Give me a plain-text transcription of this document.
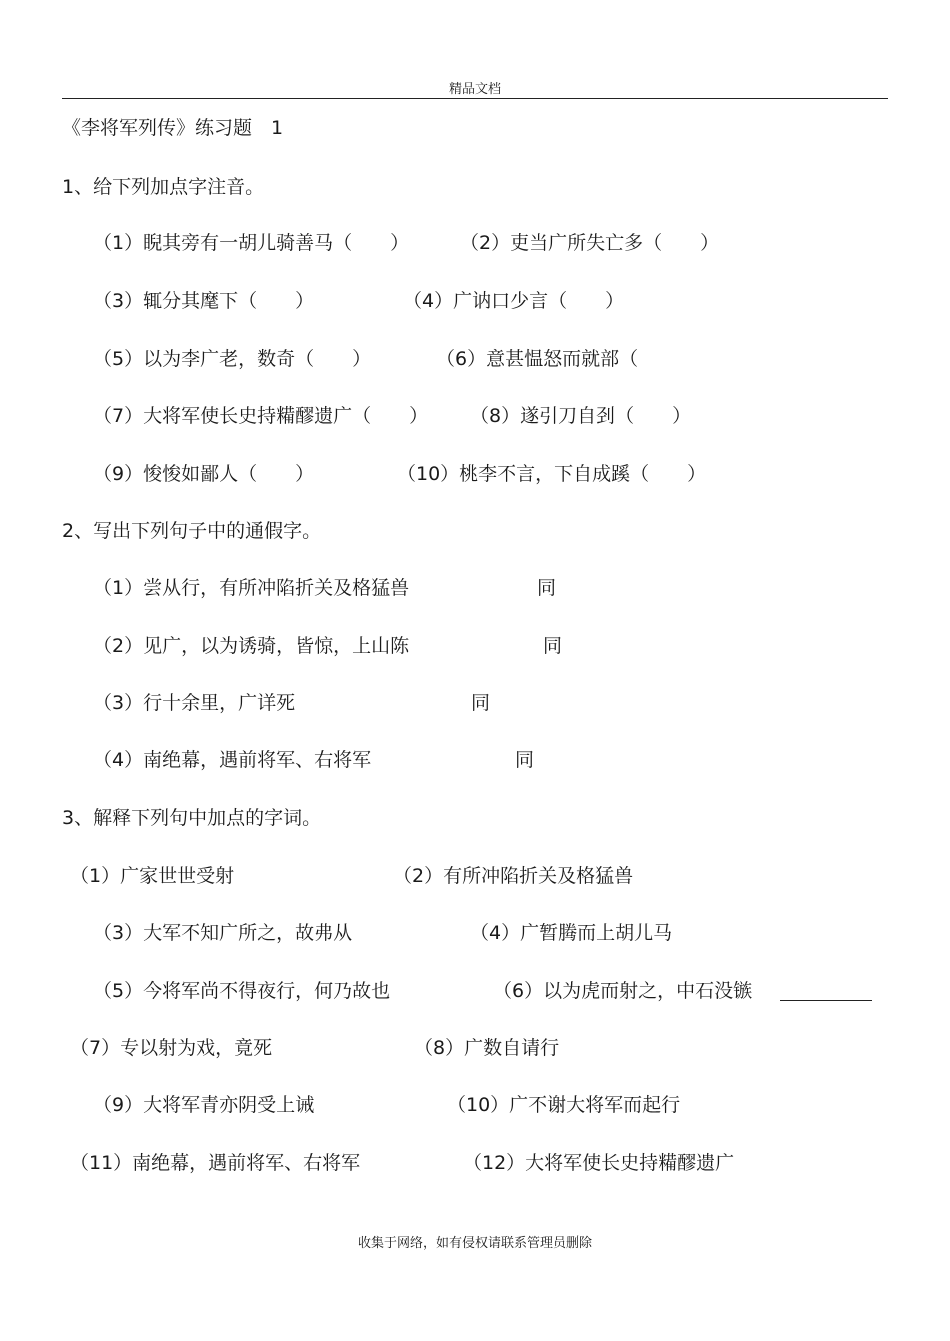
精品文档
《李将军列传》练习题　1
1、给下列加点字注音。
（1）睨其旁有一胡儿骑善马（　　）	（2）吏当广所失亡多（　　）
（3）辄分其麾下（　　）	（4）广讷口少言（　　）
（5）以为李广老，数奇（　　）	（6）意甚愠怒而就部（
（7）大将军使长史持糒醪遗广（　　） （8）遂引刀自刭（　　）
（9）悛悛如鄙人（　　）	（10）桃李不言，下自成蹊（　　）
2、写出下列句子中的通假字。
（1）尝从行，有所冲陷折关及格猛兽	同
（2）见广，以为诱骑，皆惊，上山陈	同
（3）行十余里，广详死	同
（4）南绝幕，遇前将军、右将军	同
3、解释下列句中加点的字词。
（1）广家世世受射	（2）有所冲陷折关及格猛兽
（3）大军不知广所之，故弗从	（4）广暂腾而上胡儿马
（5）今将军尚不得夜行，何乃故也	（6）以为虎而射之，中石没镞
（7）专以射为戏，竟死	（8）广数自请行
（9）大将军青亦阴受上诫	（10）广不谢大将军而起行
（11）南绝幕，遇前将军、右将军	（12）大将军使长史持糒醪遗广
收集于网络，如有侵权请联系管理员删除
